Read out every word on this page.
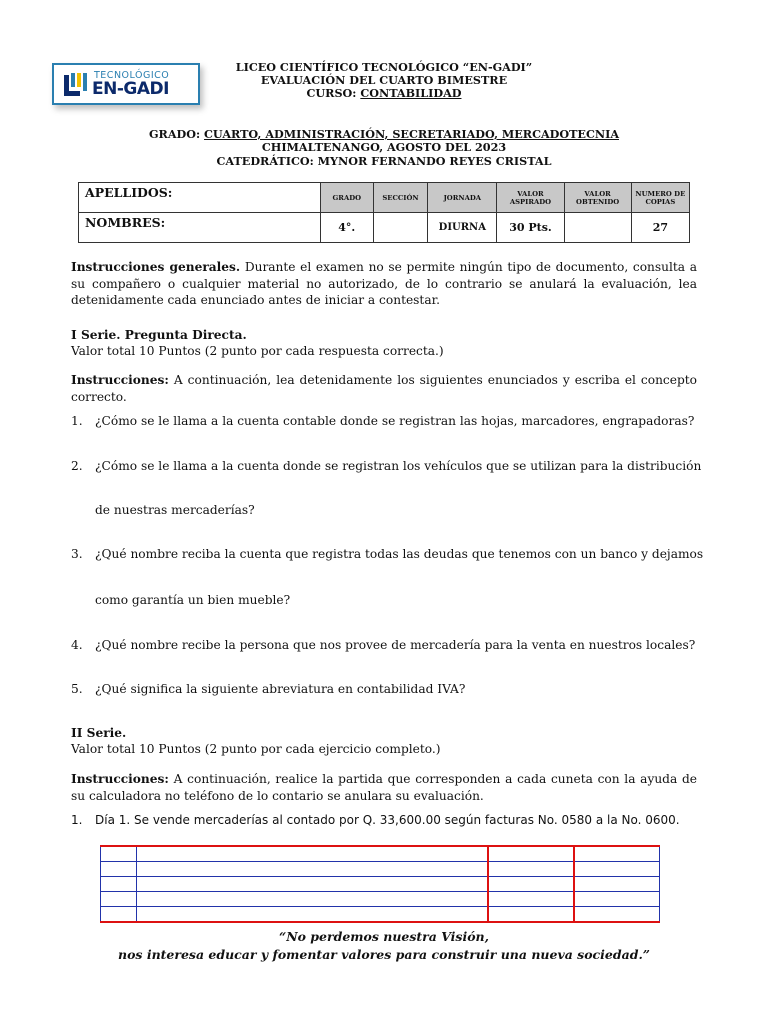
TECNOLÓGICO
EN-GADI
LICEO CIENTÍFICO TECNOLÓGICO “EN-GADI”
EVALUACIÓN DEL CUARTO BIMESTRE
CURSO: CONTABILIDAD
GRADO: CUARTO, ADMINISTRACIÓN, SECRETARIADO, MERCADOTECNIA
CHIMALTENANGO, AGOSTO DEL 2023
CATEDRÁTICO: MYNOR FERNANDO REYES CRISTAL
APELLIDOS:	GRADO	SECCIÓN	JORNADA	VALOR ASPIRADO	VALOR OBTENIDO	NUMERO DE COPIAS
NOMBRES:	4°.		DIURNA	30 Pts.		27
Instrucciones generales. Durante el examen no se permite ningún tipo de documento, consulta a su compañero o cualquier material no autorizado, de lo contrario se anulará la evaluación, lea detenidamente cada enunciado antes de iniciar a contestar.
I Serie. Pregunta Directa.
Valor total 10 Puntos (2 punto por cada respuesta correcta.)
Instrucciones: A continuación, lea detenidamente los siguientes enunciados y escriba el concepto correcto.
1. ¿Cómo se le llama a la cuenta contable donde se registran las hojas, marcadores, engrapadoras?
2. ¿Cómo se le llama a la cuenta donde se registran los vehículos que se utilizan para la distribución
de nuestras mercaderías?
3. ¿Qué nombre reciba la cuenta que registra todas las deudas que tenemos con un banco y dejamos
como garantía un bien mueble?
4. ¿Qué nombre recibe la persona que nos provee de mercadería para la venta en nuestros locales?
5. ¿Qué significa la siguiente abreviatura en contabilidad IVA?
II Serie.
Valor total 10 Puntos (2 punto por cada ejercicio completo.)
Instrucciones: A continuación, realice la partida que corresponden a cada cuneta con la ayuda de su calculadora no teléfono de lo contario se anulara su evaluación.
1. Día 1. Se vende mercaderías al contado por Q. 33,600.00 según facturas No. 0580 a la No. 0600.

“No perdemos nuestra Visión,
nos interesa educar y fomentar valores para construir una nueva sociedad.”
